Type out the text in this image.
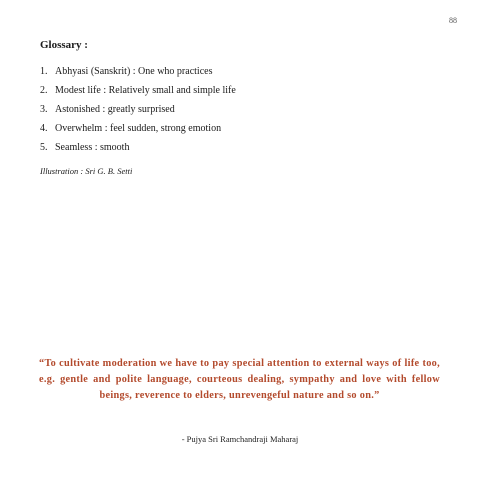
88
Glossary :
1. Abhyasi (Sanskrit) : One who practices
2. Modest life : Relatively small and simple life
3. Astonished : greatly surprised
4. Overwhelm : feel sudden, strong emotion
5. Seamless : smooth
Illustration : Sri G. B. Setti

“To cultivate moderation we have to pay special attention to external ways of life too, e.g. gentle and polite language, courteous dealing, sympathy and love with fellow beings, reverence to elders, unrevengeful nature and so on.”

- Pujya Sri Ramchandraji Maharaj
